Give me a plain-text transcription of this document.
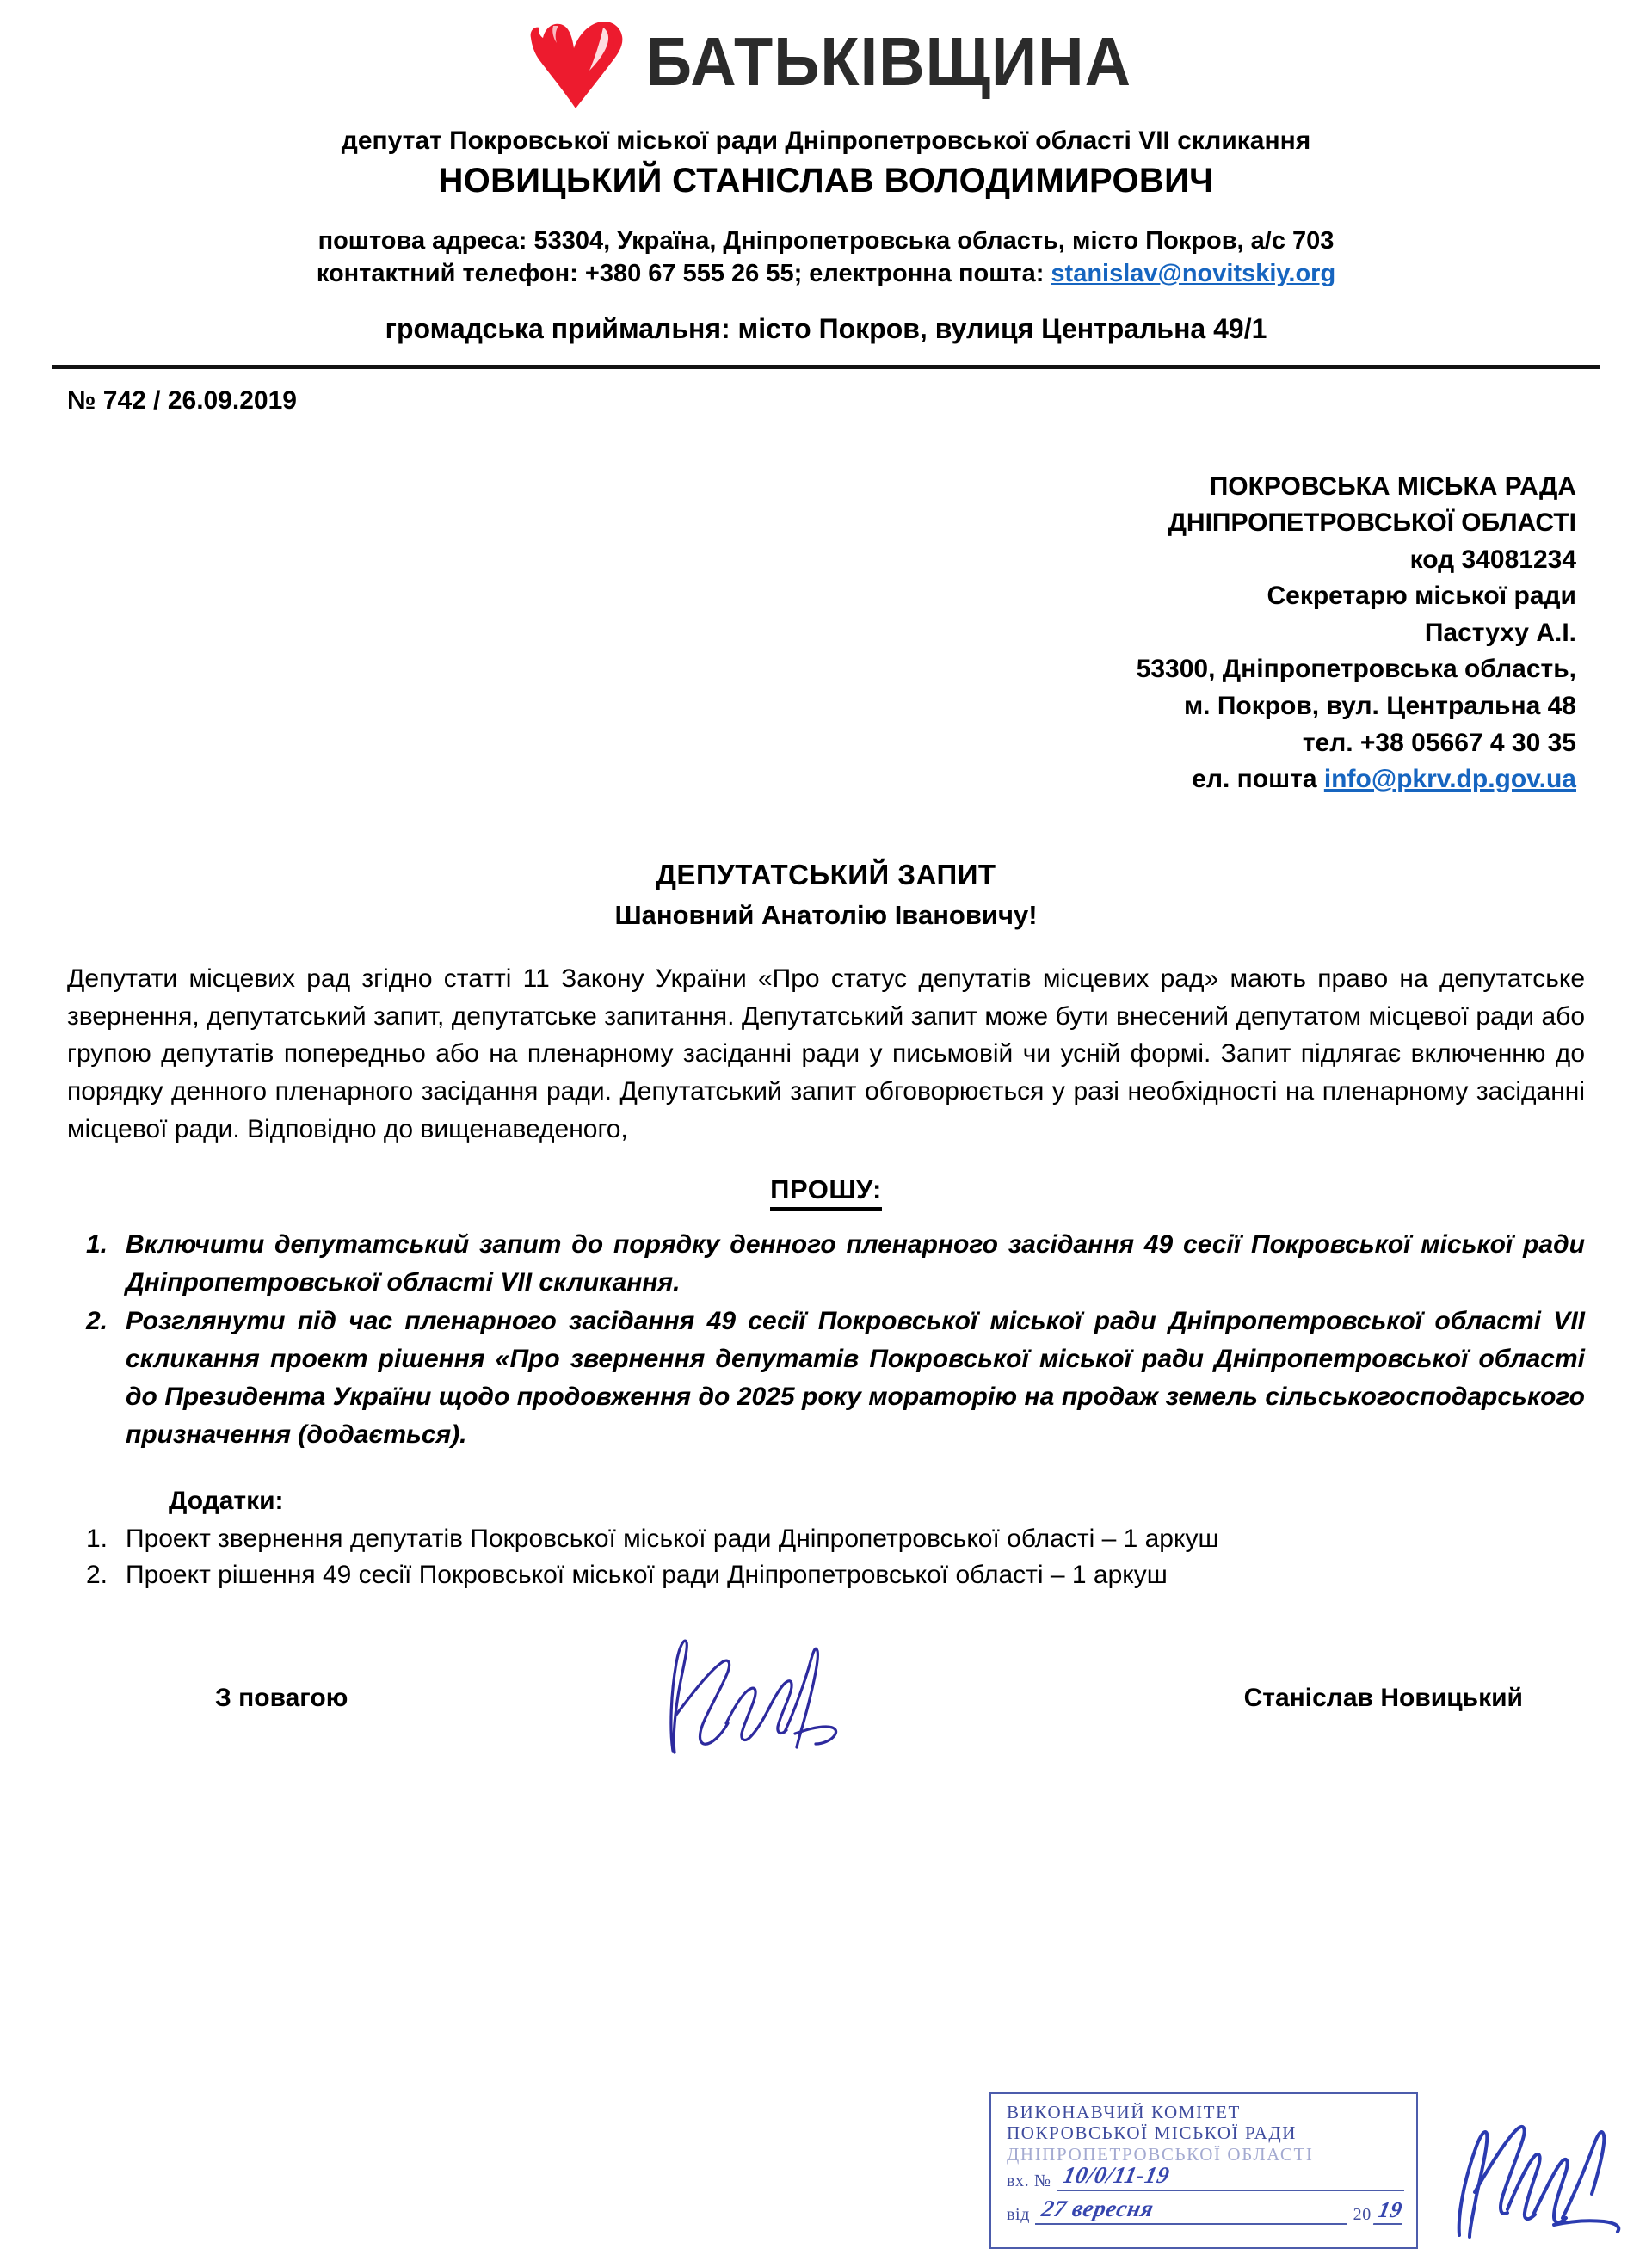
БАТЬКІВЩИНА
депутат Покровської міської ради Дніпропетровської області VII скликання
НОВИЦЬКИЙ СТАНІСЛАВ ВОЛОДИМИРОВИЧ
поштова адреса: 53304, Україна, Дніпропетровська область, місто Покров, а/с 703
контактний телефон: +380 67 555 26 55; електронна пошта: stanislav@novitskiy.org
громадська приймальня: місто Покров, вулиця Центральна 49/1
№ 742 / 26.09.2019
ПОКРОВСЬКА МІСЬКА РАДА
ДНІПРОПЕТРОВСЬКОЇ ОБЛАСТІ
код 34081234
Секретарю міської ради
Пастуху А.І.
53300, Дніпропетровська область,
м. Покров, вул. Центральна 48
тел. +38 05667 4 30 35
ел. пошта info@pkrv.dp.gov.ua
ДЕПУТАТСЬКИЙ ЗАПИТ
Шановний Анатолію Івановичу!
Депутати місцевих рад згідно статті 11 Закону України «Про статус депутатів місцевих рад» мають право на депутатське звернення, депутатський запит, депутатське запитання. Депутатський запит може бути внесений депутатом місцевої ради або групою депутатів попередньо або на пленарному засіданні ради у письмовій чи усній формі. Запит підлягає включенню до порядку денного пленарного засідання ради. Депутатський запит обговорюється у разі необхідності на пленарному засіданні місцевої ради. Відповідно до вищенаведеного,
ПРОШУ:
1. Включити депутатський запит до порядку денного пленарного засідання 49 сесії Покровської міської ради Дніпропетровської області VII скликання.
2. Розглянути під час пленарного засідання 49 сесії Покровської міської ради Дніпропетровської області VII скликання проект рішення «Про звернення депутатів Покровської міської ради Дніпропетровської області до Президента України щодо продовження до 2025 року мораторію на продаж земель сільськогосподарського призначення (додається).
Додатки:
1. Проект звернення депутатів Покровської міської ради Дніпропетровської області – 1 аркуш
2. Проект рішення 49 сесії Покровської міської ради Дніпропетровської області – 1 аркуш
З повагою	Станіслав Новицький
ВИКОНАВЧИЙ КОМІТЕТ
ПОКРОВСЬКОЇ МІСЬКОЇ РАДИ
ДНІПРОПЕТРОВСЬКОЇ ОБЛАСТІ
вх. № 10/0/11-19
від 27 вересня	20 19
